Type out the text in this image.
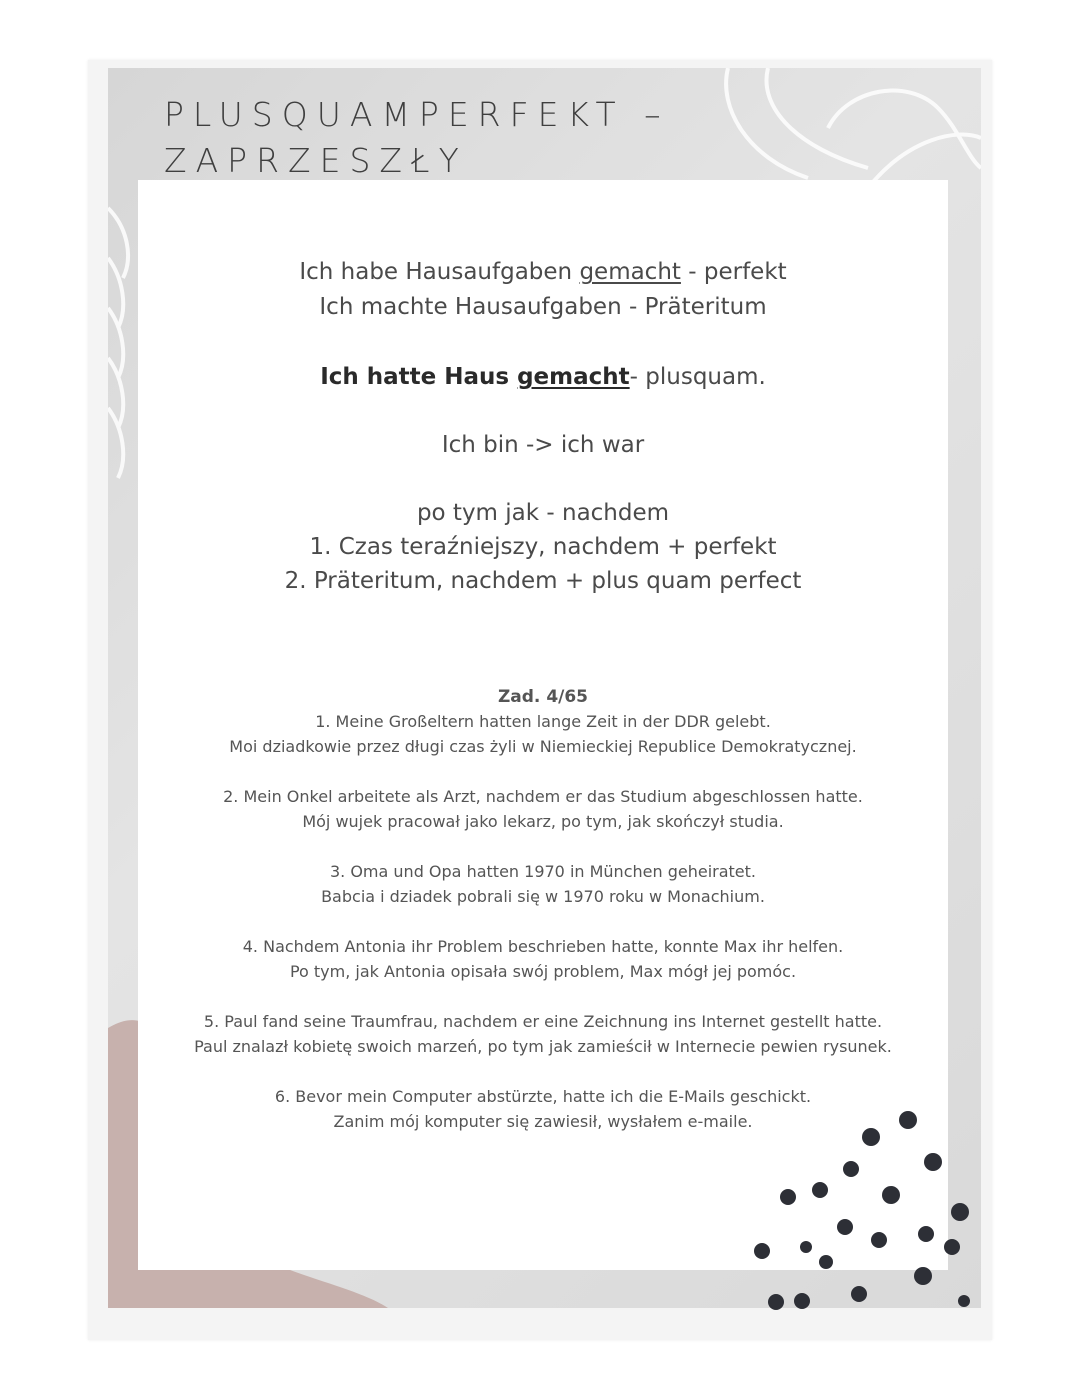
PLUSQUAMPERFEKT –
ZAPRZESZŁY
Ich habe Hausaufgaben gemacht - perfekt
Ich machte Hausaufgaben - Präteritum
Ich hatte Haus gemacht- plusquam.
Ich bin -> ich war
po tym jak - nachdem
1. Czas teraźniejszy, nachdem + perfekt
2. Präteritum, nachdem + plus quam perfect
Zad. 4/65
1. Meine Großeltern hatten lange Zeit in der DDR gelebt.
Moi dziadkowie przez długi czas żyli w Niemieckiej Republice Demokratycznej.
2. Mein Onkel arbeitete als Arzt, nachdem er das Studium abgeschlossen hatte.
Mój wujek pracował jako lekarz, po tym, jak skończył studia.
3. Oma und Opa hatten 1970 in München geheiratet.
Babcia i dziadek pobrali się w 1970 roku w Monachium.
4. Nachdem Antonia ihr Problem beschrieben hatte, konnte Max ihr helfen.
Po tym, jak Antonia opisała swój problem, Max mógł jej pomóc.
5. Paul fand seine Traumfrau, nachdem er eine Zeichnung ins Internet gestellt hatte.
Paul znalazł kobietę swoich marzeń, po tym jak zamieścił w Internecie pewien rysunek.
6. Bevor mein Computer abstürzte, hatte ich die E-Mails geschickt.
Zanim mój komputer się zawiesił, wysłałem e-maile.
